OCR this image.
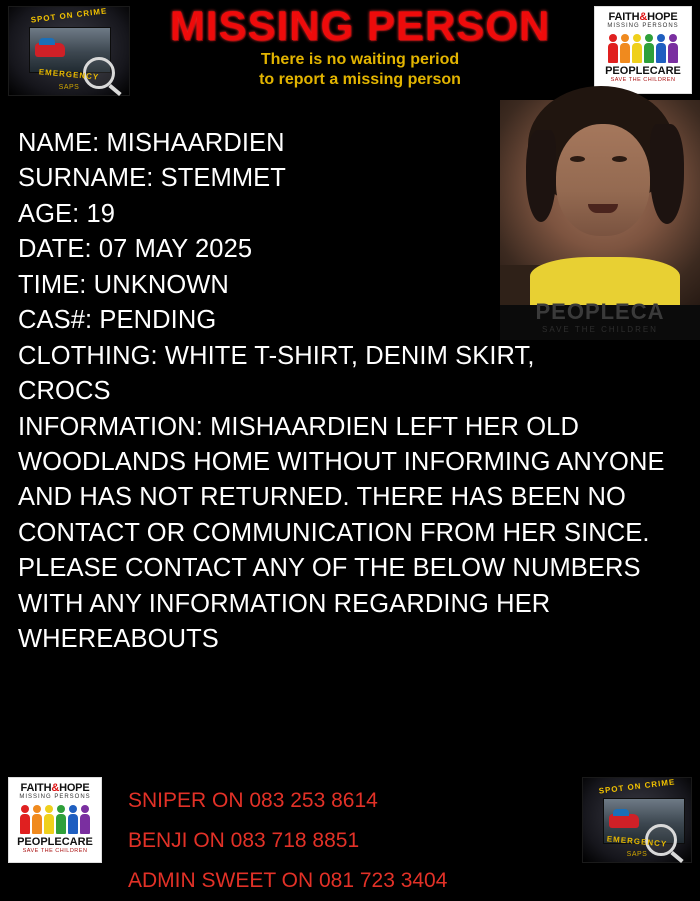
SPOT ON CRIME
EMERGENCY
SAPS
MISSING PERSON
There is no waiting period
to report a missing person
FAITH&HOPE
MISSING PERSONS
PEOPLECARE
SAVE THE CHILDREN
PEOPLECA
SAVE THE CHILDREN
NAME: MISHAARDIEN
SURNAME: STEMMET
AGE: 19
DATE: 07 MAY 2025
TIME: UNKNOWN
CAS#: PENDING
CLOTHING: WHITE T-SHIRT, DENIM SKIRT,
CROCS
INFORMATION: MISHAARDIEN LEFT HER OLD WOODLANDS HOME WITHOUT INFORMING ANYONE AND HAS NOT RETURNED. THERE HAS BEEN NO CONTACT OR COMMUNICATION FROM HER SINCE. PLEASE CONTACT ANY OF THE BELOW NUMBERS WITH ANY INFORMATION REGARDING HER WHEREABOUTS
FAITH&HOPE
MISSING PERSONS
PEOPLECARE
SAVE THE CHILDREN
SNIPER ON 083 253 8614
BENJI ON 083 718 8851
ADMIN SWEET ON 081 723 3404
SPOT ON CRIME
EMERGENCY
SAPS
